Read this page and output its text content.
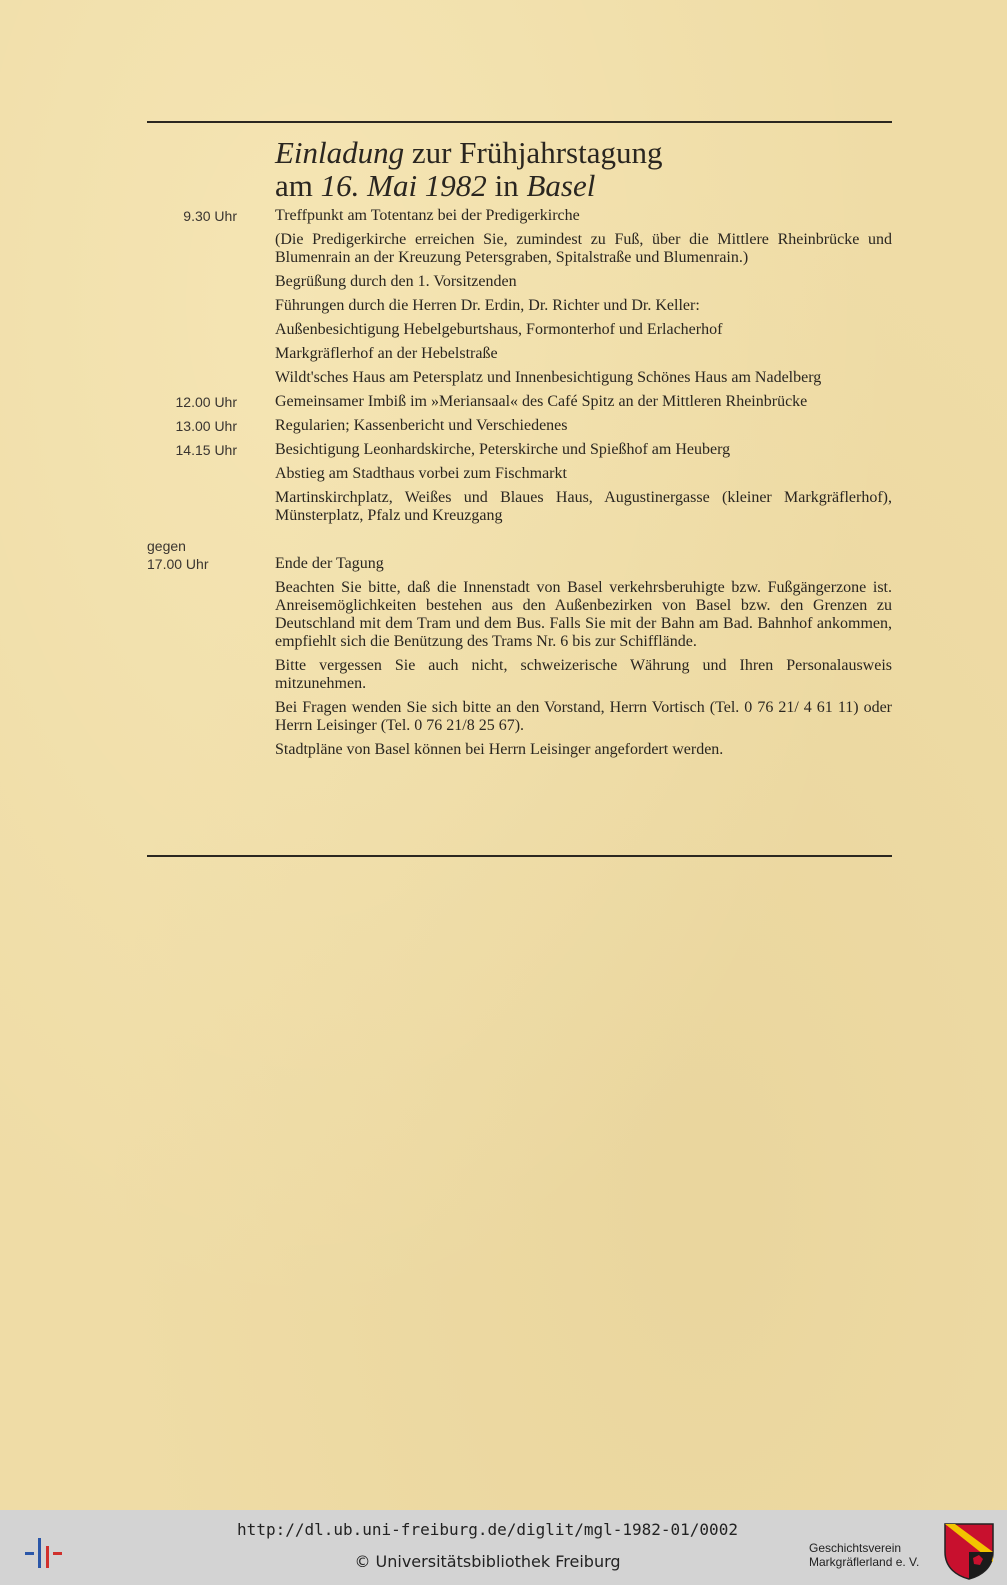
Einladung zur Frühjahrstagung
am 16. Mai 1982 in Basel
9.30 Uhr Treffpunkt am Totentanz bei der Predigerkirche
(Die Predigerkirche erreichen Sie, zumindest zu Fuß, über die Mittlere Rheinbrücke und Blumenrain an der Kreuzung Petersgraben, Spitalstraße und Blumenrain.)
Begrüßung durch den 1. Vorsitzenden
Führungen durch die Herren Dr. Erdin, Dr. Richter und Dr. Keller:
Außenbesichtigung Hebelgeburtshaus, Formonterhof und Erlacherhof
Markgräflerhof an der Hebelstraße
Wildt'sches Haus am Petersplatz und Innenbesichtigung Schönes Haus am Nadelberg
12.00 Uhr Gemeinsamer Imbiß im »Meriansaal« des Café Spitz an der Mittleren Rheinbrücke
13.00 Uhr Regularien; Kassenbericht und Verschiedenes
14.15 Uhr Besichtigung Leonhardskirche, Peterskirche und Spießhof am Heuberg
Abstieg am Stadthaus vorbei zum Fischmarkt
Martinskirchplatz, Weißes und Blaues Haus, Augustinergasse (kleiner Markgräflerhof), Münsterplatz, Pfalz und Kreuzgang
gegen
17.00 Uhr	Ende der Tagung
Beachten Sie bitte, daß die Innenstadt von Basel verkehrsberuhigte bzw. Fußgängerzone ist. Anreisemöglichkeiten bestehen aus den Außenbezirken von Basel bzw. den Grenzen zu Deutschland mit dem Tram und dem Bus. Falls Sie mit der Bahn am Bad. Bahnhof ankommen, empfiehlt sich die Benützung des Trams Nr. 6 bis zur Schifflände.
Bitte vergessen Sie auch nicht, schweizerische Währung und Ihren Personalausweis mitzunehmen.
Bei Fragen wenden Sie sich bitte an den Vorstand, Herrn Vortisch (Tel. 0 76 21/ 4 61 11) oder Herrn Leisinger (Tel. 0 76 21/8 25 67).
Stadtpläne von Basel können bei Herrn Leisinger angefordert werden.
http://dl.ub.uni-freiburg.de/diglit/mgl-1982-01/0002
© Universitätsbibliothek Freiburg
Geschichtsverein
Markgräflerland e. V.
